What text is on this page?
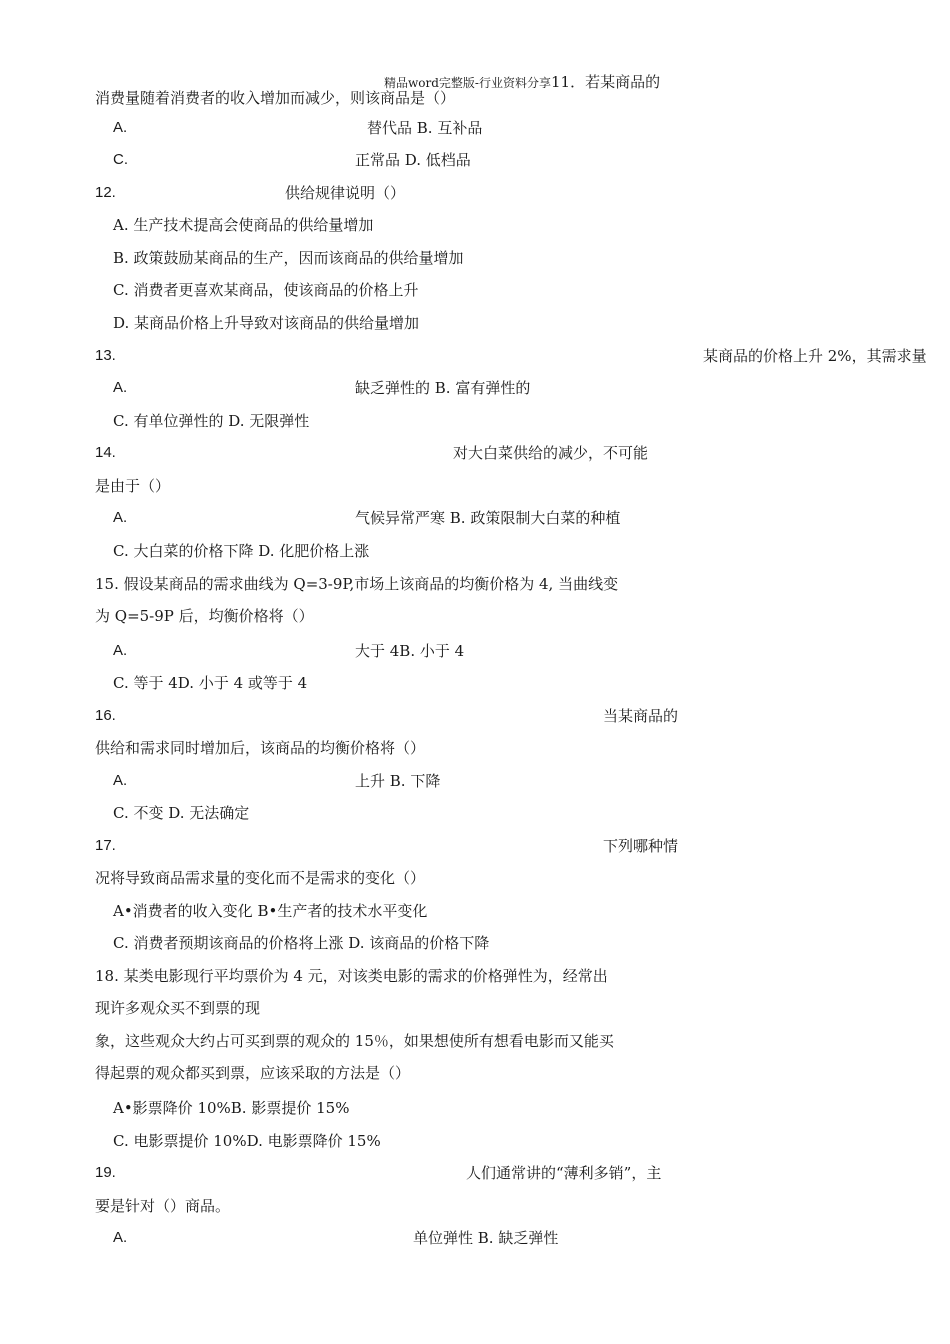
精品word完整版-行业资料分享11．若某商品的
消费量随着消费者的收入增加而减少，则该商品是（）
A.	替代品 B. 互补品
C.	正常品 D. 低档品
12.	供给规律说明（）
A. 生产技术提高会使商品的供给量增加
B. 政策鼓励某商品的生产，因而该商品的供给量增加
C. 消费者更喜欢某商品，使该商品的价格上升
D. 某商品价格上升导致对该商品的供给量增加
13.	某商品的价格上升 2%，其需求量
A.	缺乏弹性的 B. 富有弹性的
C. 有单位弹性的 D. 无限弹性
14.	对大白菜供给的减少，不可能
是由于（）
A.	气候异常严寒 B. 政策限制大白菜的种植
C. 大白菜的价格下降 D. 化肥价格上涨
15. 假设某商品的需求曲线为 Q=3-9P,市场上该商品的均衡价格为 4, 当曲线变
为 Q=5-9P 后，均衡价格将（）
A.	大于 4B. 小于 4
C. 等于 4D. 小于 4 或等于 4
16.	当某商品的
供给和需求同时增加后，该商品的均衡价格将（）
A.	上升 B. 下降
C. 不变 D. 无法确定
17.	下列哪种情
况将导致商品需求量的变化而不是需求的变化（）
A•消费者的收入变化 B•生产者的技术水平变化
C. 消费者预期该商品的价格将上涨 D. 该商品的价格下降
18. 某类电影现行平均票价为 4 元，对该类电影的需求的价格弹性为，经常出
现许多观众买不到票的现
象，这些观众大约占可买到票的观众的 15％，如果想使所有想看电影而又能买
得起票的观众都买到票，应该采取的方法是（）
A•影票降价 10%B. 影票提价 15%
C. 电影票提价 10%D. 电影票降价 15%
19.	人们通常讲的“薄利多销”，主
要是针对（）商品。
A.	单位弹性 B. 缺乏弹性
